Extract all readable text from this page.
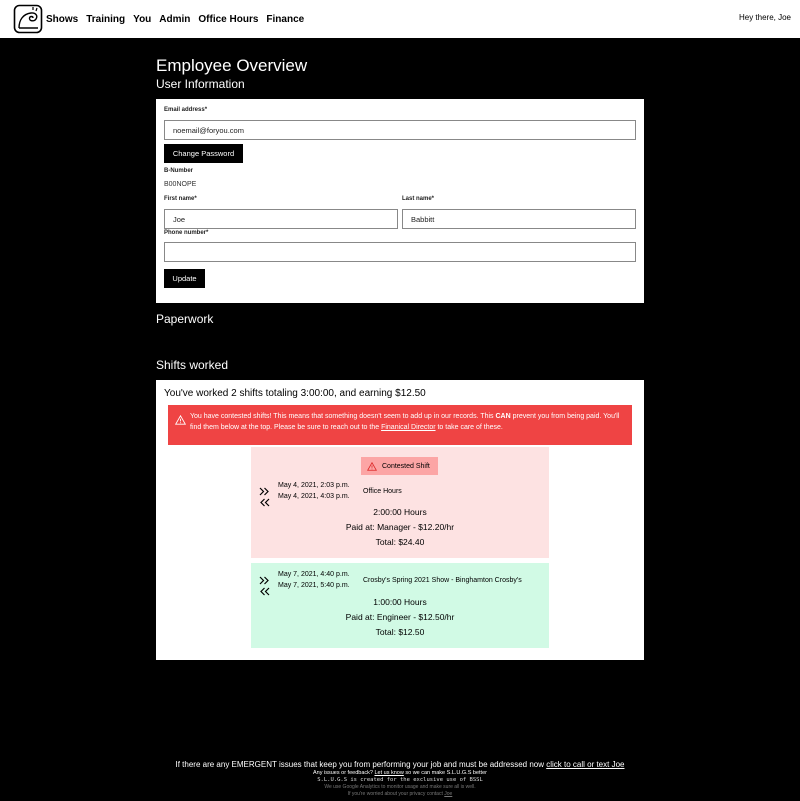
Shows Training You Admin Office Hours Finance	Hey there, Joe
Employee Overview
User Information
Email address*
noemail@foryou.com
Change Password
B-Number
B00NOPE
First name*
Joe	Last name*
Babbitt
Phone number*
Update
Paperwork
Shifts worked
You've worked 2 shifts totaling 3:00:00, and earning $12.50
You have contested shifts! This means that something doesn't seem to add up in our records. This CAN prevent you from being paid. You'll find them below at the top. Please be sure to reach out to the Finanical Director to take care of these.
Contested Shift
May 4, 2021, 2:03 p.m.
May 4, 2021, 4:03 p.m.
Office Hours
2:00:00 Hours
Paid at: Manager - $12.20/hr
Total: $24.40
May 7, 2021, 4:40 p.m.
May 7, 2021, 5:40 p.m.
Crosby's Spring 2021 Show - Binghamton Crosby's
1:00:00 Hours
Paid at: Engineer - $12.50/hr
Total: $12.50
If there are any EMERGENT issues that keep you from performing your job and must be addressed now click to call or text Joe
Any issues or feedback? Let us know so we can make S.L.U.G.S better
S.L.U.G.S is created for the exclusive use of BSSL
We use Google Analytics to monitor usage and make sure all is well.
If you're worried about your privacy contact Joe
